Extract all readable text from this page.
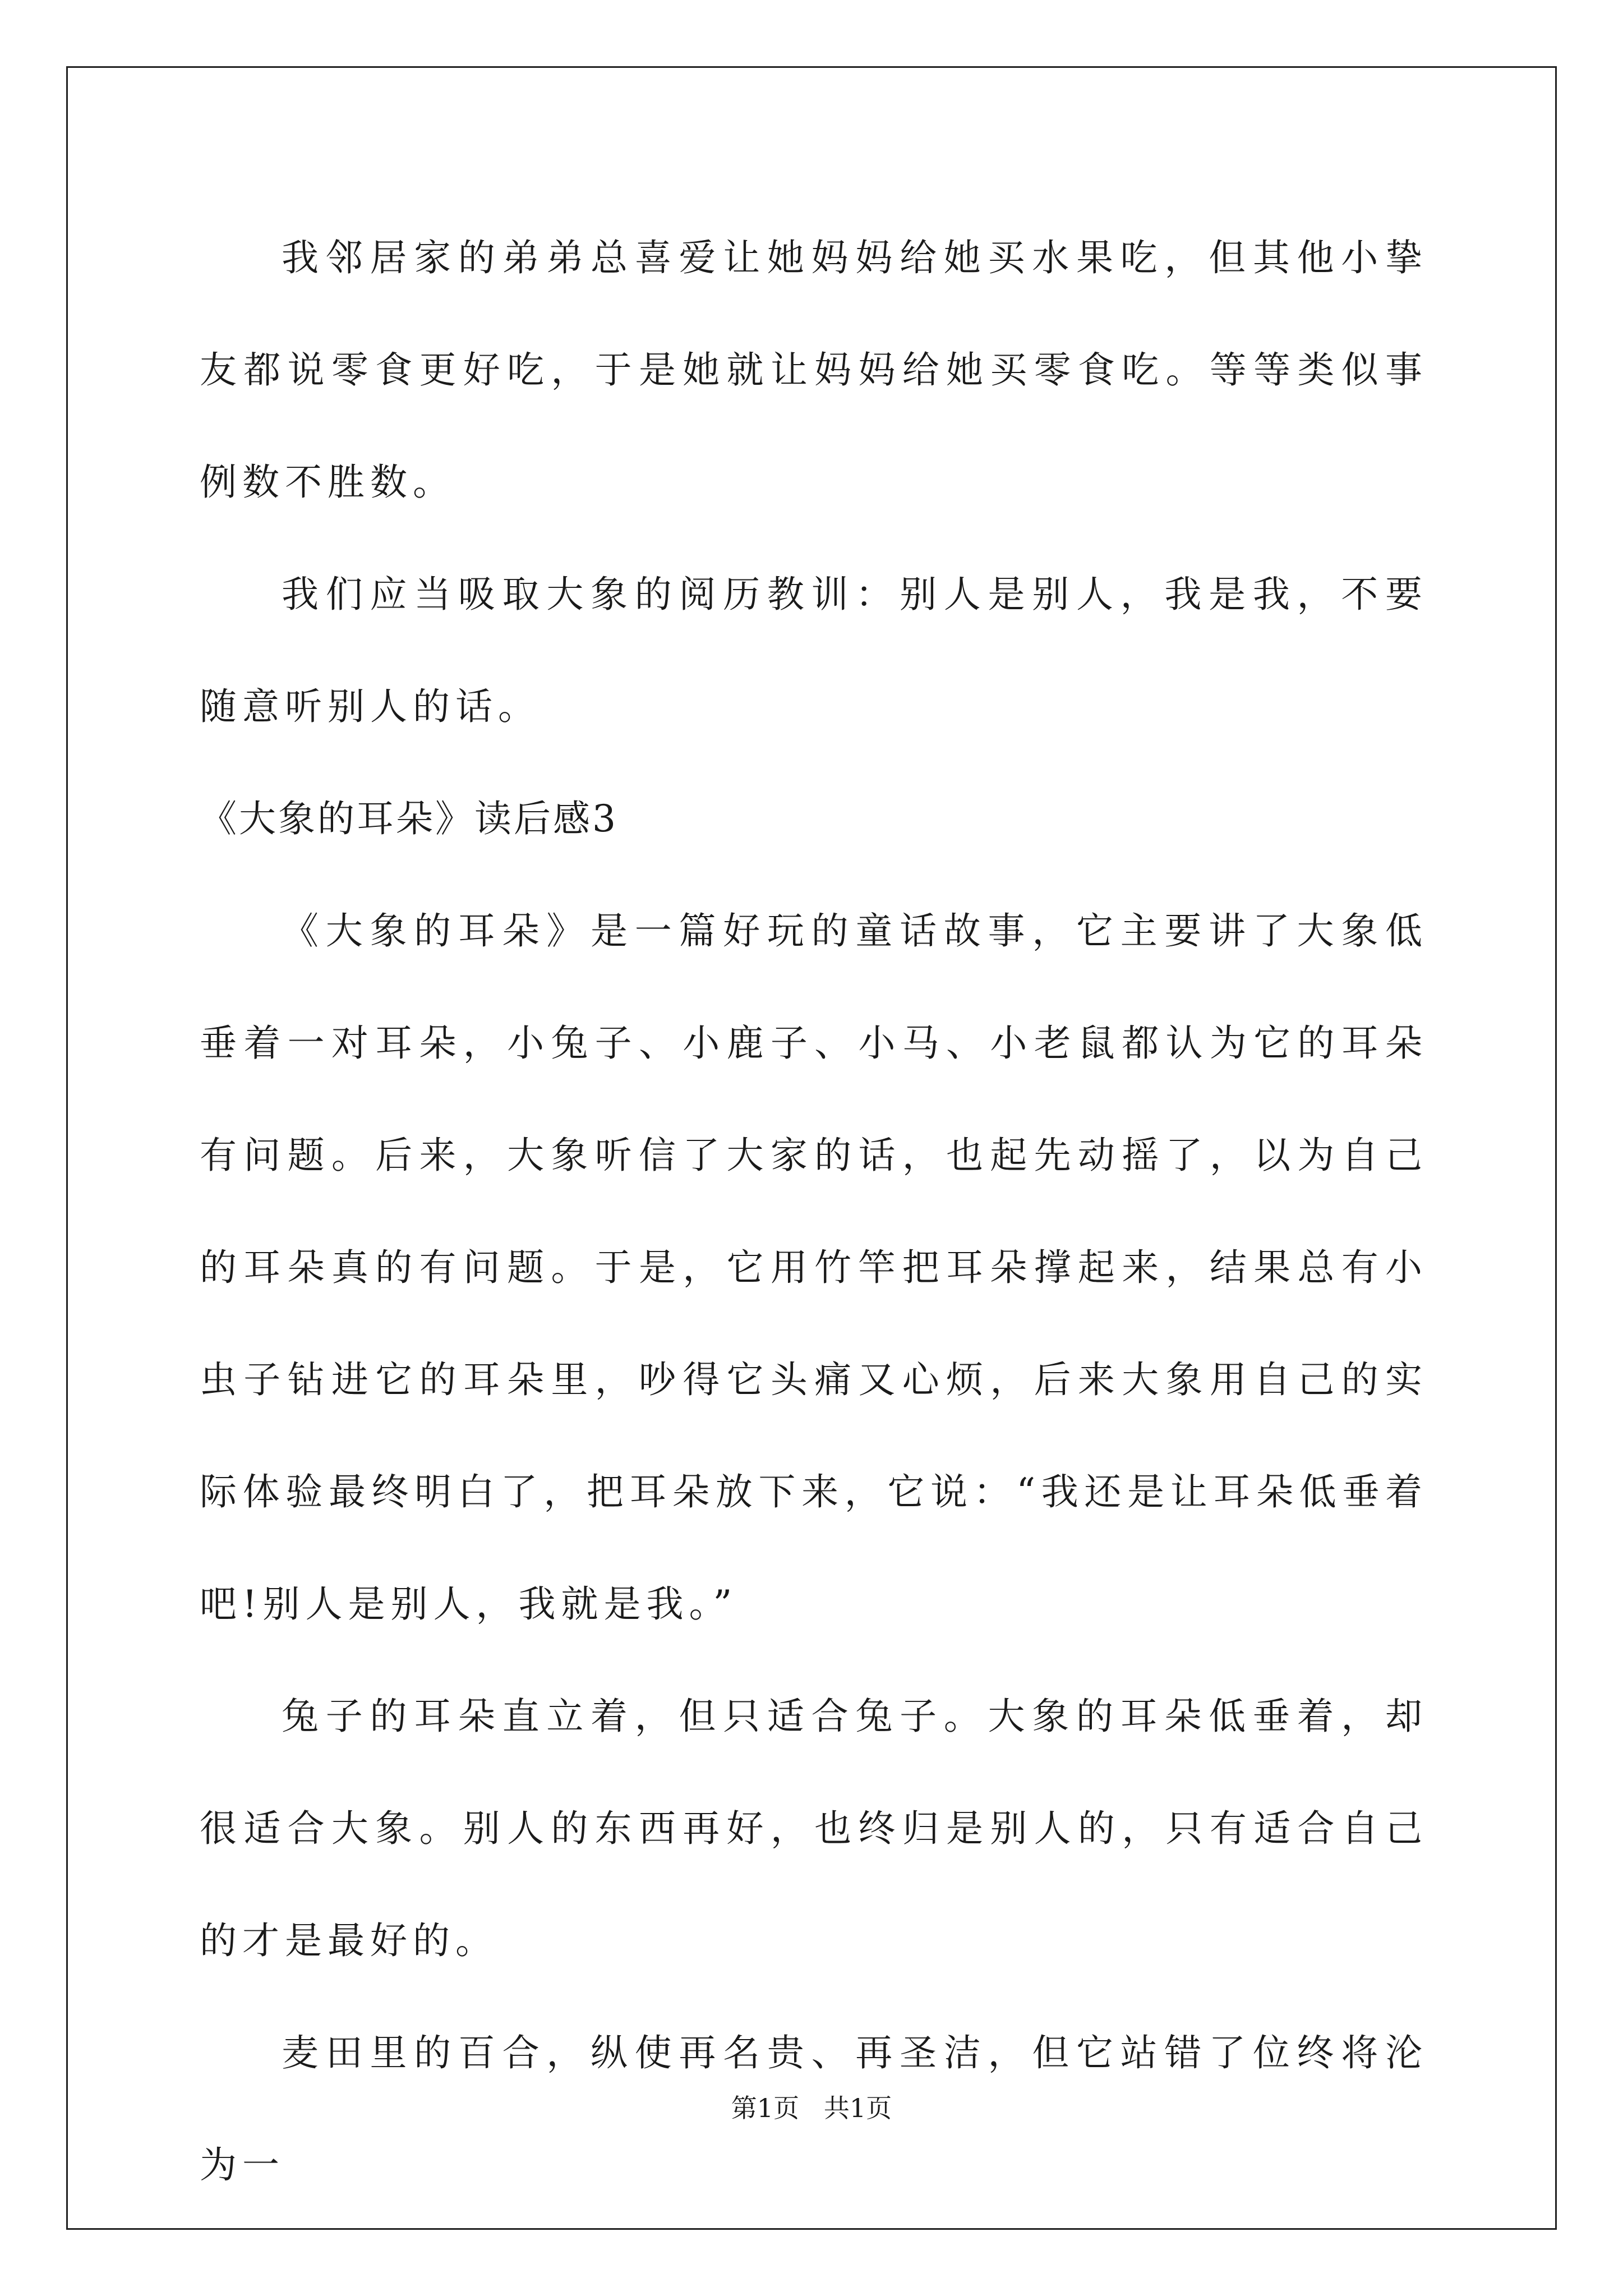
我邻居家的弟弟总喜爱让她妈妈给她买水果吃，但其他小挚友都说零食更好吃，于是她就让妈妈给她买零食吃。等等类似事例数不胜数。

我们应当吸取大象的阅历教训：别人是别人，我是我，不要随意听别人的话。

《大象的耳朵》读后感3

《大象的耳朵》是一篇好玩的童话故事，它主要讲了大象低垂着一对耳朵，小兔子、小鹿子、小马、小老鼠都认为它的耳朵有问题。后来，大象听信了大家的话，也起先动摇了，以为自己的耳朵真的有问题。于是，它用竹竿把耳朵撑起来，结果总有小虫子钻进它的耳朵里，吵得它头痛又心烦，后来大象用自己的实际体验最终明白了，把耳朵放下来，它说：“我还是让耳朵低垂着吧!别人是别人，我就是我。”

兔子的耳朵直立着，但只适合兔子。大象的耳朵低垂着，却很适合大象。别人的东西再好，也终归是别人的，只有适合自己的才是最好的。

麦田里的百合，纵使再名贵、再圣洁，但它站错了位终将沦为一

第1页   共1页
